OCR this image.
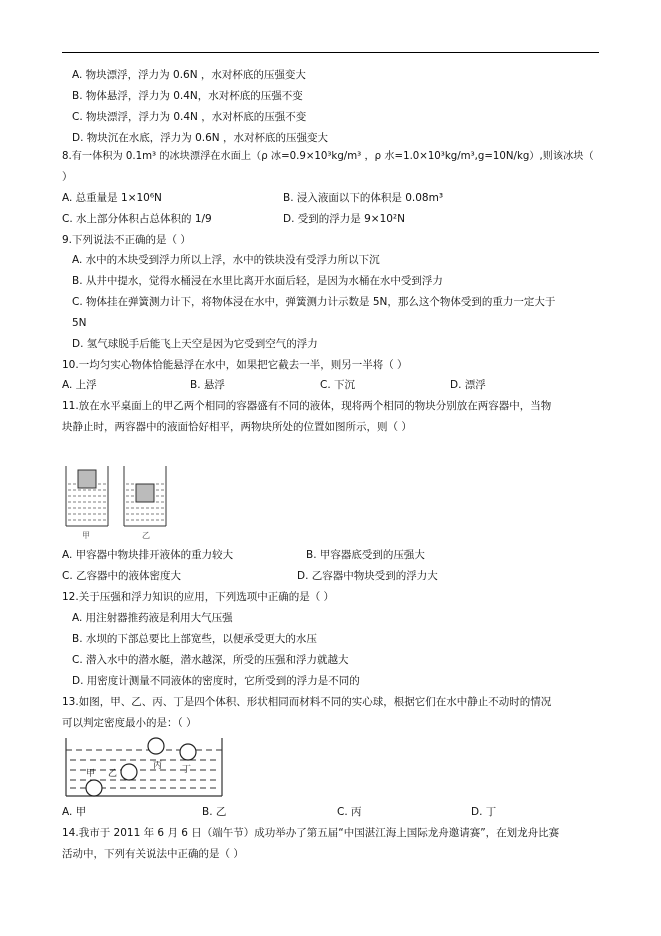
A. 物块漂浮，浮力为 0.6N ，水对杯底的压强变大
B. 物体悬浮，浮力为 0.4N，水对杯底的压强不变
C. 物块漂浮，浮力为 0.4N ，水对杯底的压强不变
D. 物块沉在水底，浮力为 0.6N ，水对杯底的压强变大
8.有一体积为 0.1m³ 的冰块漂浮在水面上（ρ 冰=0.9×10³kg/m³ ，ρ 水=1.0×10³kg/m³,g=10N/kg）,则该冰块（
）
A. 总重量是 1×10⁶N	B. 浸入液面以下的体积是 0.08m³
C. 水上部分体积占总体积的 1/9	D. 受到的浮力是 9×10²N
9.下列说法不正确的是（ ）
A. 水中的木块受到浮力所以上浮，水中的铁块没有受浮力所以下沉
B. 从井中提水，觉得水桶浸在水里比离开水面后轻，是因为水桶在水中受到浮力
C. 物体挂在弹簧测力计下，将物体浸在水中，弹簧测力计示数是 5N，那么这个物体受到的重力一定大于
5N
D. 氢气球脱手后能飞上天空是因为它受到空气的浮力
10.一均匀实心物体恰能悬浮在水中，如果把它截去一半，则另一半将（ ）
A. 上浮	B. 悬浮	C. 下沉	D. 漂浮
11.放在水平桌面上的甲乙两个相同的容器盛有不同的液体，现将两个相同的物块分别放在两容器中，当物
块静止时，两容器中的液面恰好相平，两物块所处的位置如图所示，则（ ）
甲	乙
A. 甲容器中物块排开液体的重力较大	B. 甲容器底受到的压强大
C. 乙容器中的液体密度大	D. 乙容器中物块受到的浮力大
12.关于压强和浮力知识的应用，下列选项中正确的是（ ）
A. 用注射器推药液是利用大气压强
B. 水坝的下部总要比上部宽些，以便承受更大的水压
C. 潜入水中的潜水艇，潜水越深，所受的压强和浮力就越大
D. 用密度计测量不同液体的密度时，它所受到的浮力是不同的
13.如图，甲、乙、丙、丁是四个体积、形状相同而材料不同的实心球，根据它们在水中静止不动时的情况
可以判定密度最小的是：（ ）
甲 乙
丙 丁
A. 甲	B. 乙	C. 丙	D. 丁
14.我市于 2011 年 6 月 6 日（端午节）成功举办了第五届“中国湛江海上国际龙舟邀请赛”，在划龙舟比赛
活动中，下列有关说法中正确的是（ ）
